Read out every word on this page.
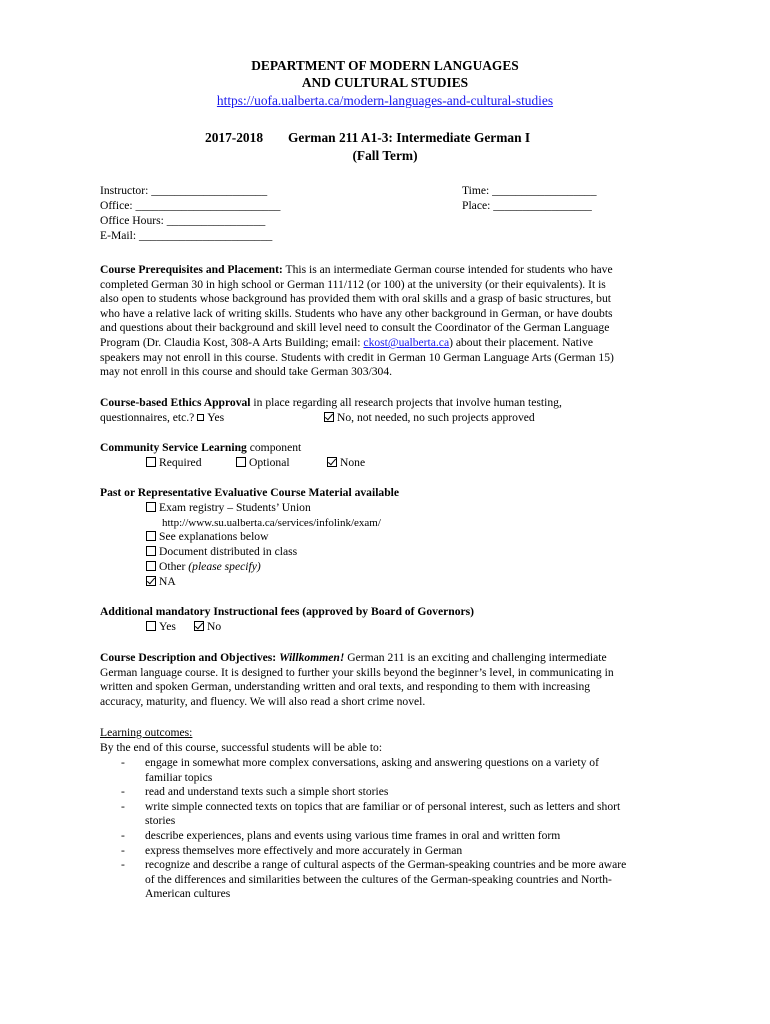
DEPARTMENT OF MODERN LANGUAGES
AND CULTURAL STUDIES
https://uofa.ualberta.ca/modern-languages-and-cultural-studies
2017-2018 German 211 A1-3: Intermediate German I
(Fall Term)
Instructor: ____________________
Office: _________________________
Office Hours: _________________
E-Mail: _______________________
Time: __________________
Place: _________________
Course Prerequisites and Placement: This is an intermediate German course intended for students who have
completed German 30 in high school or German 111/112 (or 100) at the university (or their equivalents). It is
also open to students whose background has provided them with oral skills and a grasp of basic structures, but
who have a relative lack of writing skills. Students who have any other background in German, or have doubts
and questions about their background and skill level need to consult the Coordinator of the German Language
Program (Dr. Claudia Kost, 308-A Arts Building; email: ckost@ualberta.ca) about their placement. Native
speakers may not enroll in this course. Students with credit in German 10 German Language Arts (German 15)
may not enroll in this course and should take German 303/304.
Course-based Ethics Approval in place regarding all research projects that involve human testing,
questionnaires, etc.? Yes	No, not needed, no such projects approved
Community Service Learning component
Required	Optional	None
Past or Representative Evaluative Course Material available
Exam registry – Students’ Union
http://www.su.ualberta.ca/services/infolink/exam/
See explanations below
Document distributed in class
Other (please specify)
NA
Additional mandatory Instructional fees (approved by Board of Governors)
Yes	No
Course Description and Objectives: Willkommen! German 211 is an exciting and challenging intermediate
German language course. It is designed to further your skills beyond the beginner’s level, in communicating in
written and spoken German, understanding written and oral texts, and responding to them with increasing
accuracy, maturity, and fluency. We will also read a short crime novel.
Learning outcomes:
By the end of this course, successful students will be able to:
- engage in somewhat more complex conversations, asking and answering questions on a variety of
familiar topics
- read and understand texts such a simple short stories
- write simple connected texts on topics that are familiar or of personal interest, such as letters and short
stories
- describe experiences, plans and events using various time frames in oral and written form
- express themselves more effectively and more accurately in German
- recognize and describe a range of cultural aspects of the German-speaking countries and be more aware
of the differences and similarities between the cultures of the German-speaking countries and North-
American cultures
